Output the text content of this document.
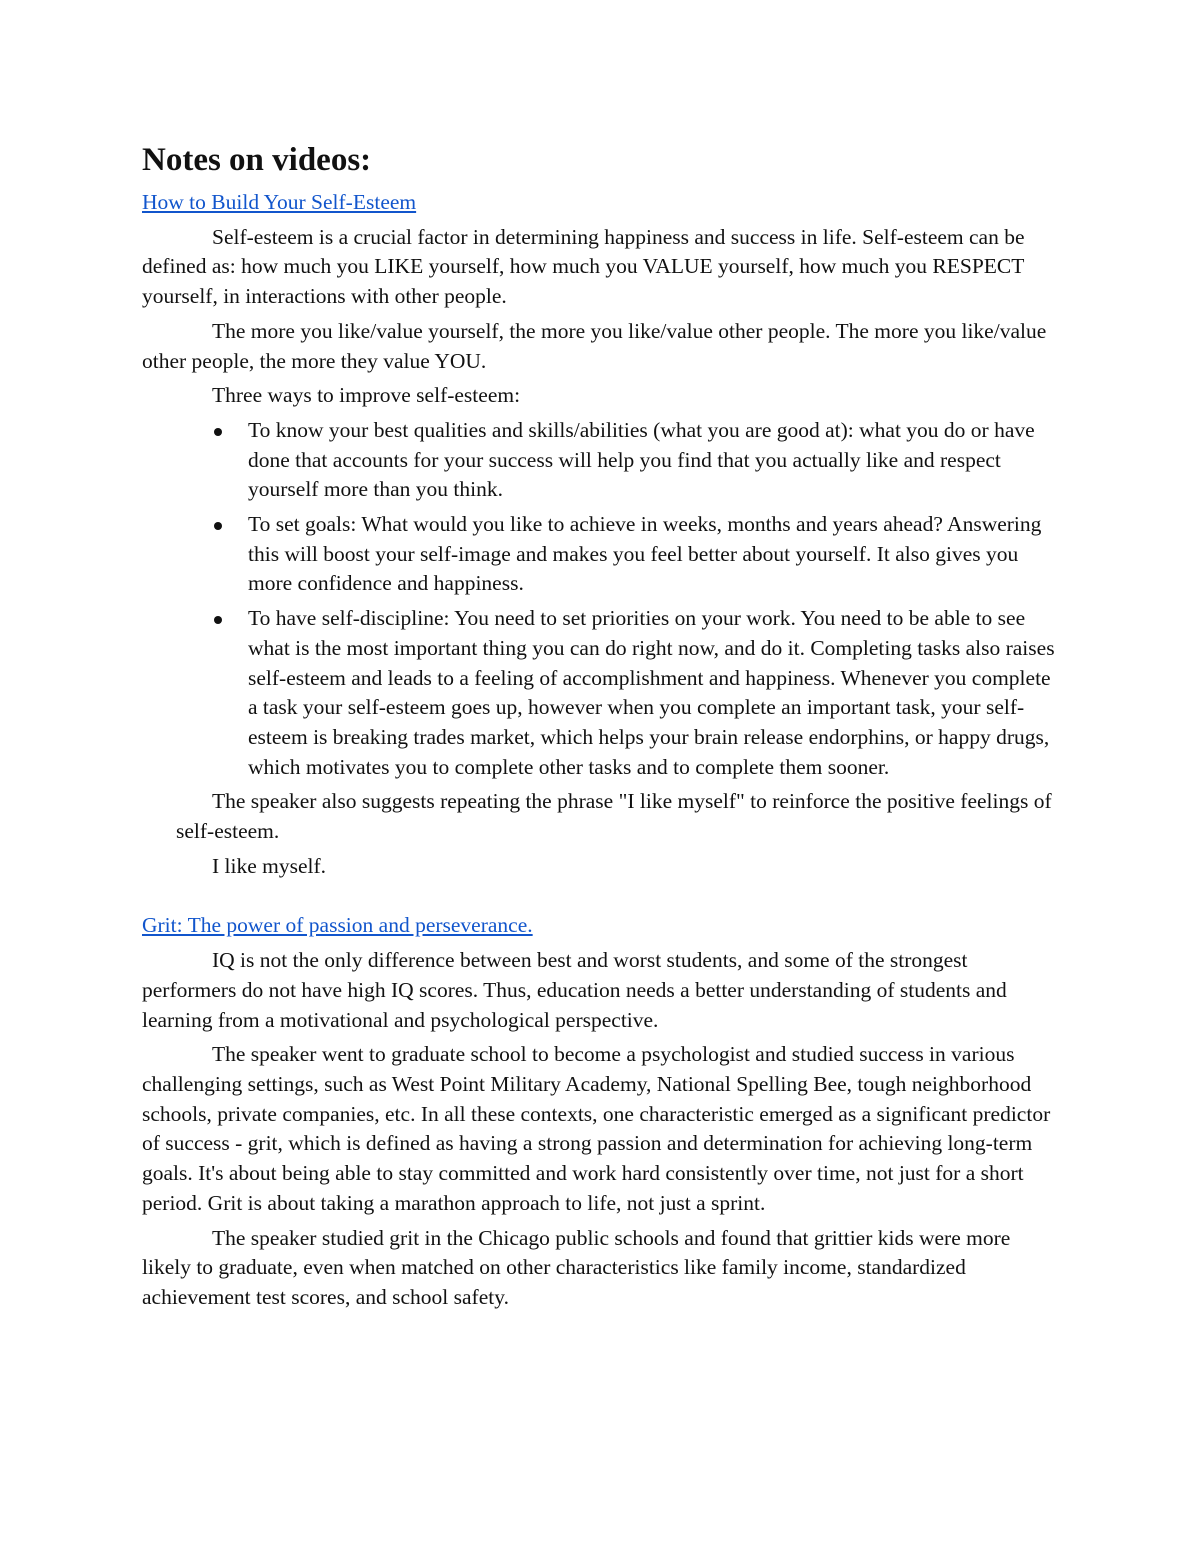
Notes on videos:
How to Build Your Self-Esteem

Self-esteem is a crucial factor in determining happiness and success in life. Self-esteem can be defined as: how much you LIKE yourself, how much you VALUE yourself, how much you RESPECT yourself, in interactions with other people.

The more you like/value yourself, the more you like/value other people. The more you like/value other people, the more they value YOU.

Three ways to improve self-esteem:

To know your best qualities and skills/abilities (what you are good at): what you do or have done that accounts for your success will help you find that you actually like and respect yourself more than you think.
To set goals: What would you like to achieve in weeks, months and years ahead? Answering this will boost your self-image and makes you feel better about yourself. It also gives you more confidence and happiness.
To have self-discipline: You need to set priorities on your work. You need to be able to see what is the most important thing you can do right now, and do it. Completing tasks also raises self-esteem and leads to a feeling of accomplishment and happiness. Whenever you complete a task your self-esteem goes up, however when you complete an important task, your self-esteem is breaking trades market, which helps your brain release endorphins, or happy drugs, which motivates you to complete other tasks and to complete them sooner.

The speaker also suggests repeating the phrase "I like myself" to reinforce the positive feelings of self-esteem.

I like myself.

Grit: The power of passion and perseverance.

IQ is not the only difference between best and worst students, and some of the strongest performers do not have high IQ scores. Thus, education needs a better understanding of students and learning from a motivational and psychological perspective.

The speaker went to graduate school to become a psychologist and studied success in various challenging settings, such as West Point Military Academy, National Spelling Bee, tough neighborhood schools, private companies, etc. In all these contexts, one characteristic emerged as a significant predictor of success - grit, which is defined as having a strong passion and determination for achieving long-term goals. It's about being able to stay committed and work hard consistently over time, not just for a short period. Grit is about taking a marathon approach to life, not just a sprint.

The speaker studied grit in the Chicago public schools and found that grittier kids were more likely to graduate, even when matched on other characteristics like family income, standardized achievement test scores, and school safety.
